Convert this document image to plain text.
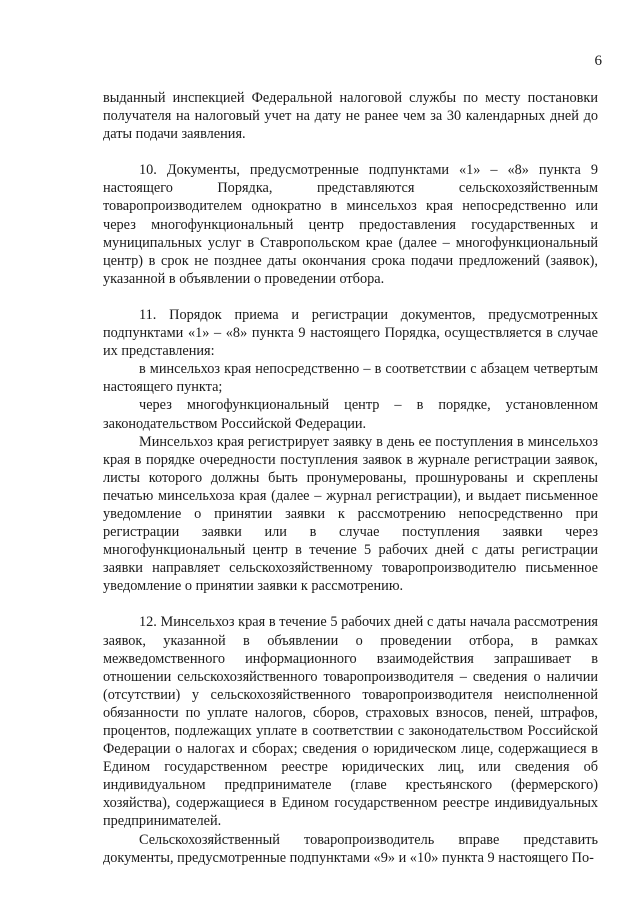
6

выданный инспекцией Федеральной налоговой службы по месту постановки получателя на налоговый учет на дату не ранее чем за 30 календарных дней до даты подачи заявления.

10. Документы, предусмотренные подпунктами «1» – «8» пункта 9 настоящего Порядка, представляются сельскохозяйственным товаропроизводителем однократно в минсельхоз края непосредственно или через многофункциональный центр предоставления государственных и муниципальных услуг в Ставропольском крае (далее – многофункциональный центр) в срок не позднее даты окончания срока подачи предложений (заявок), указанной в объявлении о проведении отбора.

11. Порядок приема и регистрации документов, предусмотренных подпунктами «1» – «8» пункта 9 настоящего Порядка, осуществляется в случае их представления:

в минсельхоз края непосредственно – в соответствии с абзацем четвертым настоящего пункта;

через многофункциональный центр – в порядке, установленном законодательством Российской Федерации.

Минсельхоз края регистрирует заявку в день ее поступления в минсельхоз края в порядке очередности поступления заявок в журнале регистрации заявок, листы которого должны быть пронумерованы, прошнурованы и скреплены печатью минсельхоза края (далее – журнал регистрации), и выдает письменное уведомление о принятии заявки к рассмотрению непосредственно при регистрации заявки или в случае поступления заявки через многофункциональный центр в течение 5 рабочих дней с даты регистрации заявки направляет сельскохозяйственному товаропроизводителю письменное уведомление о принятии заявки к рассмотрению.

12. Минсельхоз края в течение 5 рабочих дней с даты начала рассмотрения заявок, указанной в объявлении о проведении отбора, в рамках межведомственного информационного взаимодействия запрашивает в отношении сельскохозяйственного товаропроизводителя – сведения о наличии (отсутствии) у сельскохозяйственного товаропроизводителя неисполненной обязанности по уплате налогов, сборов, страховых взносов, пеней, штрафов, процентов, подлежащих уплате в соответствии с законодательством Российской Федерации о налогах и сборах; сведения о юридическом лице, содержащиеся в Едином государственном реестре юридических лиц, или сведения об индивидуальном предпринимателе (главе крестьянского (фермерского) хозяйства), содержащиеся в Едином государственном реестре индивидуальных предпринимателей.

Сельскохозяйственный товаропроизводитель вправе представить документы, предусмотренные подпунктами «9» и «10» пункта 9 настоящего По-
